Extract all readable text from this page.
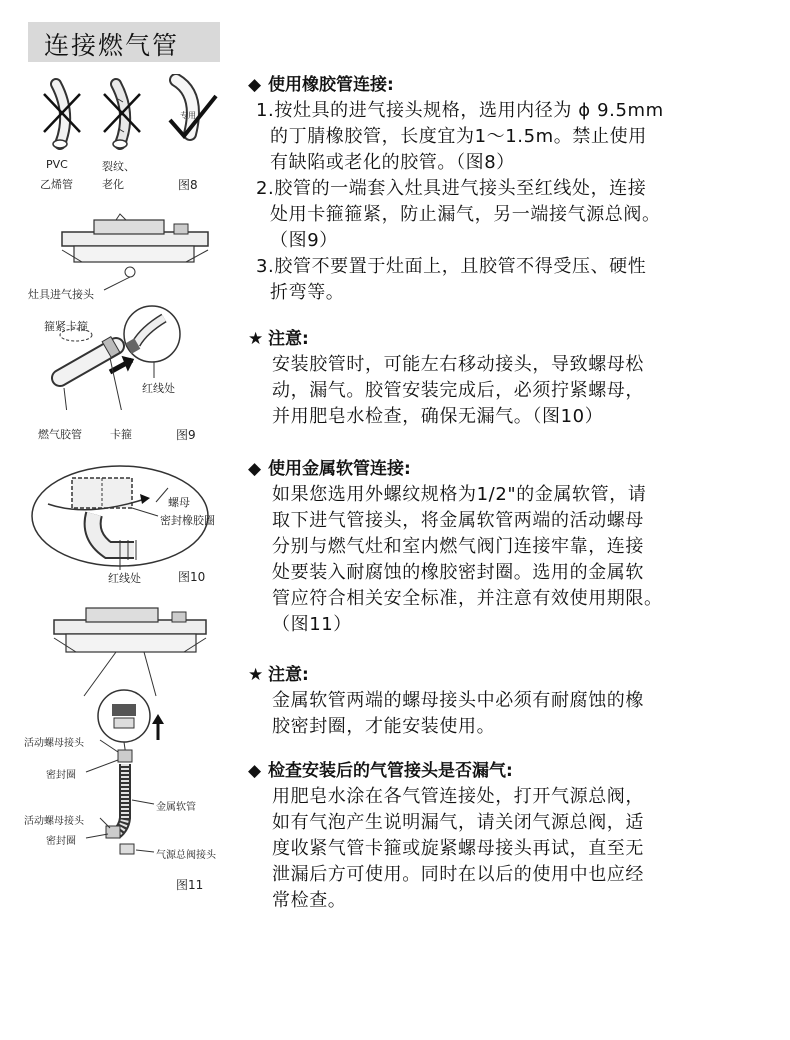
连接燃气管
专用
PVC
乙烯管
裂纹、
老化	图8
灶具进气接头
箍紧卡箍
红线处
燃气胶管	卡箍	图9
螺母
密封橡胶圈
红线处	图10
活动螺母接头
密封圈
金属软管
活动螺母接头
密封圈
气源总阀接头
图11

◆ 使用橡胶管连接:

1.按灶具的进气接头规格，选用内径为 ϕ 9.5mm
的丁腈橡胶管，长度宜为1～1.5m。禁止使用
有缺陷或老化的胶管。（图8）

2.胶管的一端套入灶具进气接头至红线处，连接
处用卡箍箍紧，防止漏气，另一端接气源总阀。
（图9）

3.胶管不要置于灶面上，且胶管不得受压、硬性
折弯等。

★ 注意:

安装胶管时，可能左右移动接头，导致螺母松
动，漏气。胶管安装完成后，必须拧紧螺母，
并用肥皂水检查，确保无漏气。（图10）

◆ 使用金属软管连接:

如果您选用外螺纹规格为1/2"的金属软管，请
取下进气管接头，将金属软管两端的活动螺母
分别与燃气灶和室内燃气阀门连接牢靠，连接
处要装入耐腐蚀的橡胶密封圈。选用的金属软
管应符合相关安全标准，并注意有效使用期限。
（图11）

★ 注意:

金属软管两端的螺母接头中必须有耐腐蚀的橡
胶密封圈，才能安装使用。

◆ 检查安装后的气管接头是否漏气:

用肥皂水涂在各气管连接处，打开气源总阀，
如有气泡产生说明漏气，请关闭气源总阀，适
度收紧气管卡箍或旋紧螺母接头再试，直至无
泄漏后方可使用。同时在以后的使用中也应经
常检查。
